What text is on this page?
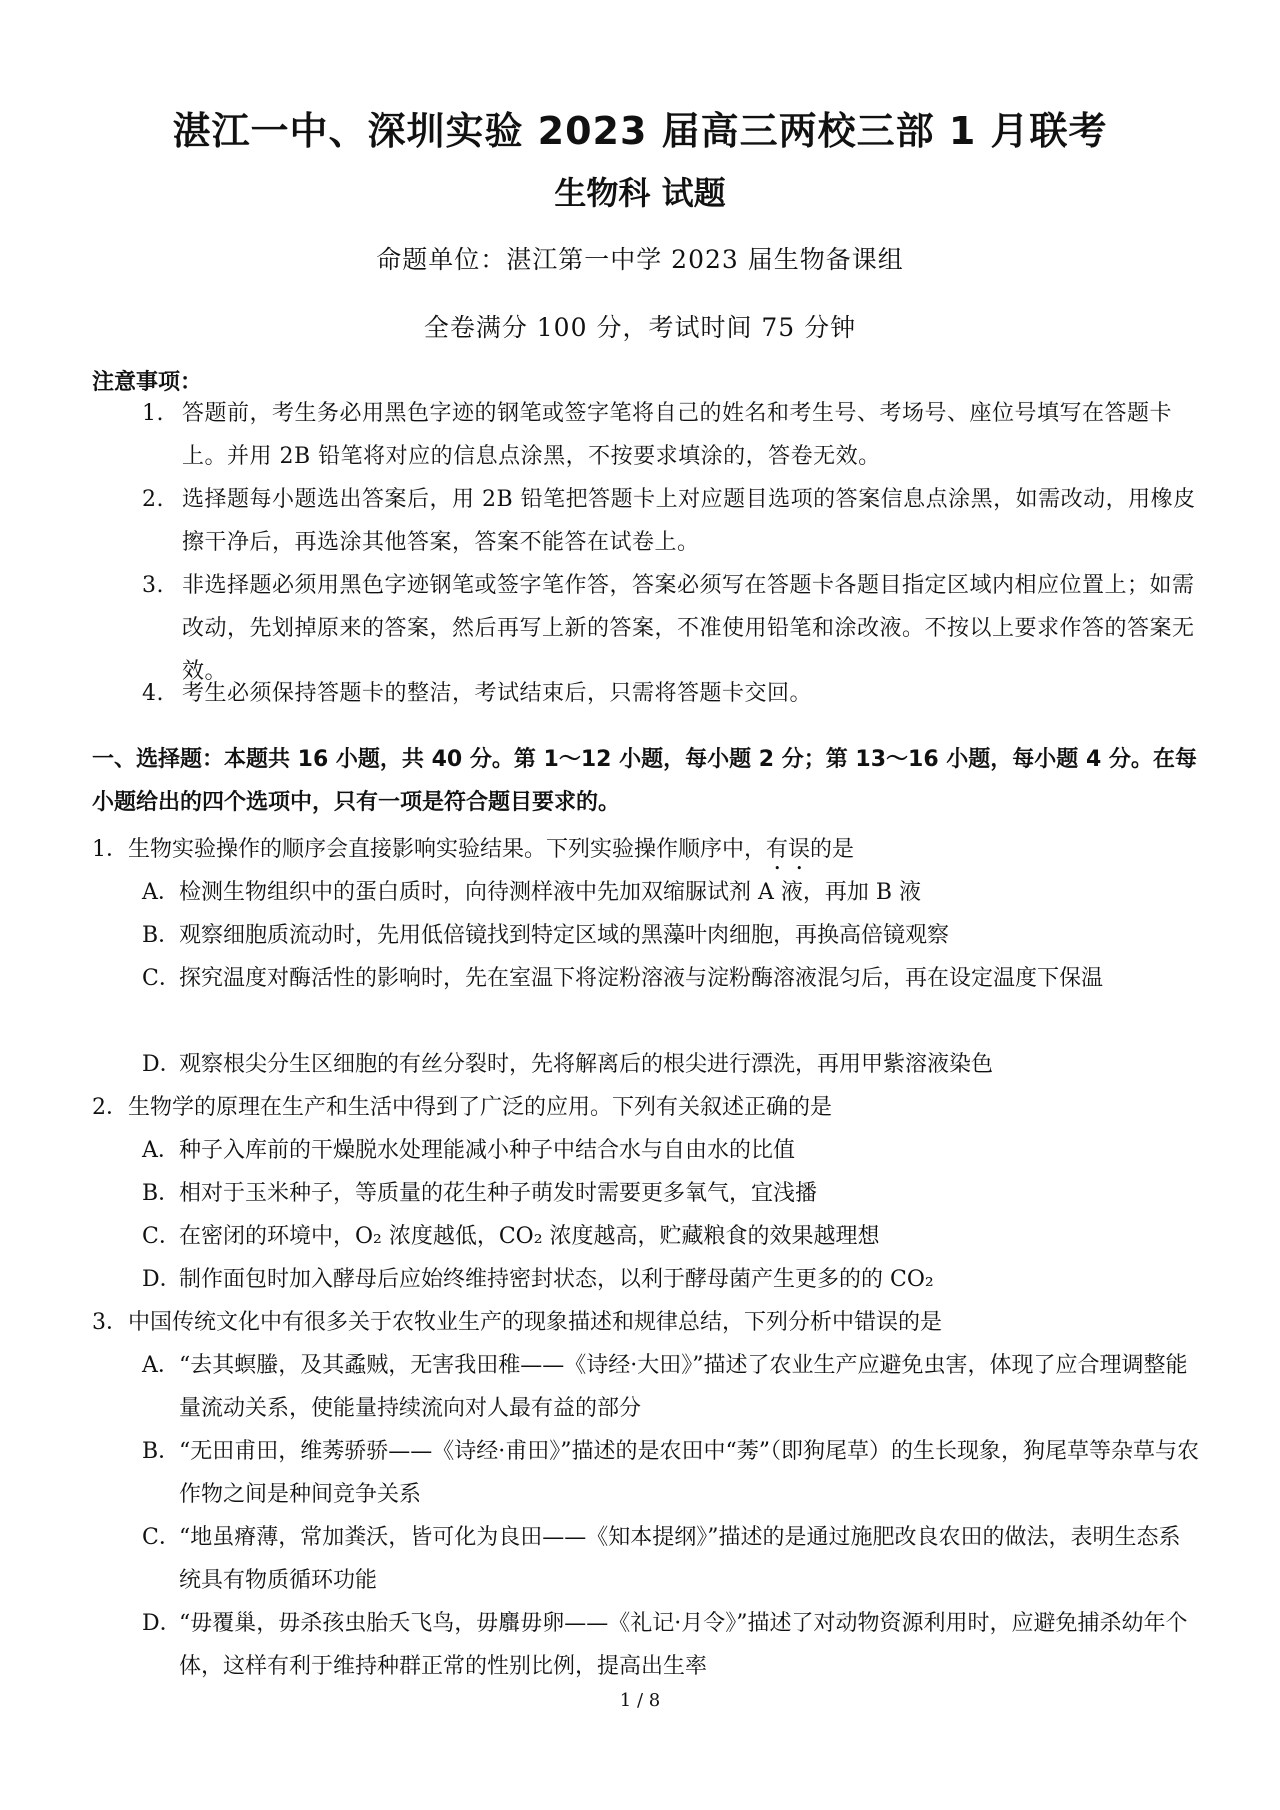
湛江一中、深圳实验 2023 届高三两校三部 1 月联考
生物科 试题
命题单位：湛江第一中学 2023 届生物备课组
全卷满分 100 分，考试时间 75 分钟
注意事项：
1. 答题前，考生务必用黑色字迹的钢笔或签字笔将自己的姓名和考生号、考场号、座位号填写在答题卡上。并用 2B 铅笔将对应的信息点涂黑，不按要求填涂的，答卷无效。
2. 选择题每小题选出答案后，用 2B 铅笔把答题卡上对应题目选项的答案信息点涂黑，如需改动，用橡皮擦干净后，再选涂其他答案，答案不能答在试卷上。
3. 非选择题必须用黑色字迹钢笔或签字笔作答，答案必须写在答题卡各题目指定区域内相应位置上；如需改动，先划掉原来的答案，然后再写上新的答案，不准使用铅笔和涂改液。不按以上要求作答的答案无效。
4. 考生必须保持答题卡的整洁，考试结束后，只需将答题卡交回。
一、选择题：本题共 16 小题，共 40 分。第 1～12 小题，每小题 2 分；第 13～16 小题，每小题 4 分。在每小题给出的四个选项中，只有一项是符合题目要求的。
1．生物实验操作的顺序会直接影响实验结果。下列实验操作顺序中，有误的是
A． 检测生物组织中的蛋白质时，向待测样液中先加双缩脲试剂 A 液，再加 B 液
B．
观察细胞质流动时，先用低倍镜找到特定区域的黑藻叶肉细胞，再换高倍镜观察
C．
探究温度对酶活性的影响时，先在室温下将淀粉溶液与淀粉酶溶液混匀后，再在设定温度下保温
D．
观察根尖分生区细胞的有丝分裂时，先将解离后的根尖进行漂洗，再用甲紫溶液染色
2．生物学的原理在生产和生活中得到了广泛的应用。下列有关叙述正确的是
A． 种子入库前的干燥脱水处理能减小种子中结合水与自由水的比值
B．
相对于玉米种子，等质量的花生种子萌发时需要更多氧气，宜浅播
C．
在密闭的环境中，O₂ 浓度越低，CO₂ 浓度越高，贮藏粮食的效果越理想
D．
制作面包时加入酵母后应始终维持密封状态，以利于酵母菌产生更多的的 CO₂
3．中国传统文化中有很多关于农牧业生产的现象描述和规律总结，下列分析中错误的是
A． “去其螟螣，及其蟊贼，无害我田稚——《诗经·大田》”描述了农业生产应避免虫害，体现了应合理调整能量流动关系，使能量持续流向对人最有益的部分
B．
“无田甫田，维莠骄骄——《诗经·甫田》”描述的是农田中“莠”（即狗尾草）的生长现象，狗尾草等杂草与农作物之间是种间竞争关系
C．
“地虽瘠薄，常加粪沃，皆可化为良田——《知本提纲》”描述的是通过施肥改良农田的做法，表明生态系统具有物质循环功能
D．
“毋覆巢，毋杀孩虫胎夭飞鸟，毋麛毋卵——《礼记·月令》”描述了对动物资源利用时，应避免捕杀幼年个体，这样有利于维持种群正常的性别比例，提高出生率
1 / 8
